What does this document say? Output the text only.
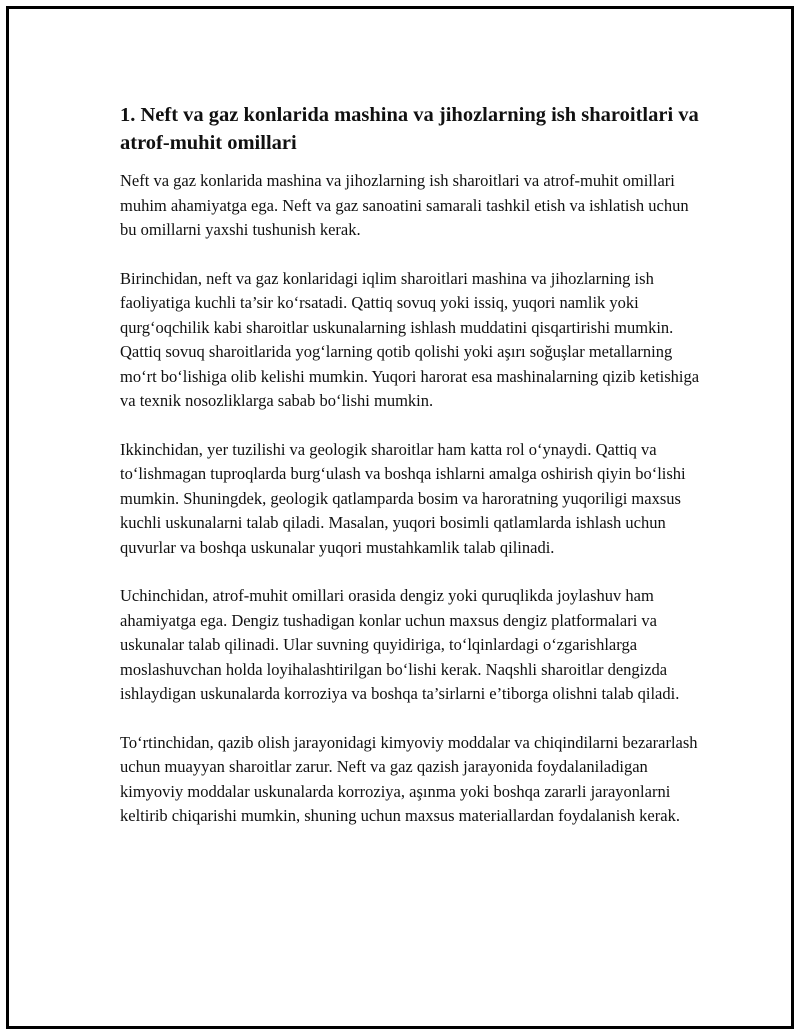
1. Neft va gaz konlarida mashina va jihozlarning ish sharoitlari va atrof-muhit omillari

Neft va gaz konlarida mashina va jihozlarning ish sharoitlari va atrof-muhit omillari muhim ahamiyatga ega. Neft va gaz sanoatini samarali tashkil etish va ishlatish uchun bu omillarni yaxshi tushunish kerak.

Birinchidan, neft va gaz konlaridagi iqlim sharoitlari mashina va jihozlarning ish faoliyatiga kuchli ta’sir ko‘rsatadi. Qattiq sovuq yoki issiq, yuqori namlik yoki qurg‘oqchilik kabi sharoitlar uskunalarning ishlash muddatini qisqartirishi mumkin. Qattiq sovuq sharoitlarida yog‘larning qotib qolishi yoki aşırı soğuşlar metallarning mo‘rt bo‘lishiga olib kelishi mumkin. Yuqori harorat esa mashinalarning qizib ketishiga va texnik nosozliklarga sabab bo‘lishi mumkin.

Ikkinchidan, yer tuzilishi va geologik sharoitlar ham katta rol o‘ynaydi. Qattiq va to‘lishmagan tuproqlarda burg‘ulash va boshqa ishlarni amalga oshirish qiyin bo‘lishi mumkin. Shuningdek, geologik qatlamparda bosim va haroratning yuqoriligi maxsus kuchli uskunalarni talab qiladi. Masalan, yuqori bosimli qatlamlarda ishlash uchun quvurlar va boshqa uskunalar yuqori mustahkamlik talab qilinadi.

Uchinchidan, atrof-muhit omillari orasida dengiz yoki quruqlikda joylashuv ham ahamiyatga ega. Dengiz tushadigan konlar uchun maxsus dengiz platformalari va uskunalar talab qilinadi. Ular suvning quyidiriga, to‘lqinlardagi o‘zgarishlarga moslashuvchan holda loyihalashtirilgan bo‘lishi kerak. Naqshli sharoitlar dengizda ishlaydigan uskunalarda korroziya va boshqa ta’sirlarni e’tiborga olishni talab qiladi.

To‘rtinchidan, qazib olish jarayonidagi kimyoviy moddalar va chiqindilarni bezararlash uchun muayyan sharoitlar zarur. Neft va gaz qazish jarayonida foydalaniladigan kimyoviy moddalar uskunalarda korroziya, aşınma yoki boshqa zararli jarayonlarni keltirib chiqarishi mumkin, shuning uchun maxsus materiallardan foydalanish kerak.
